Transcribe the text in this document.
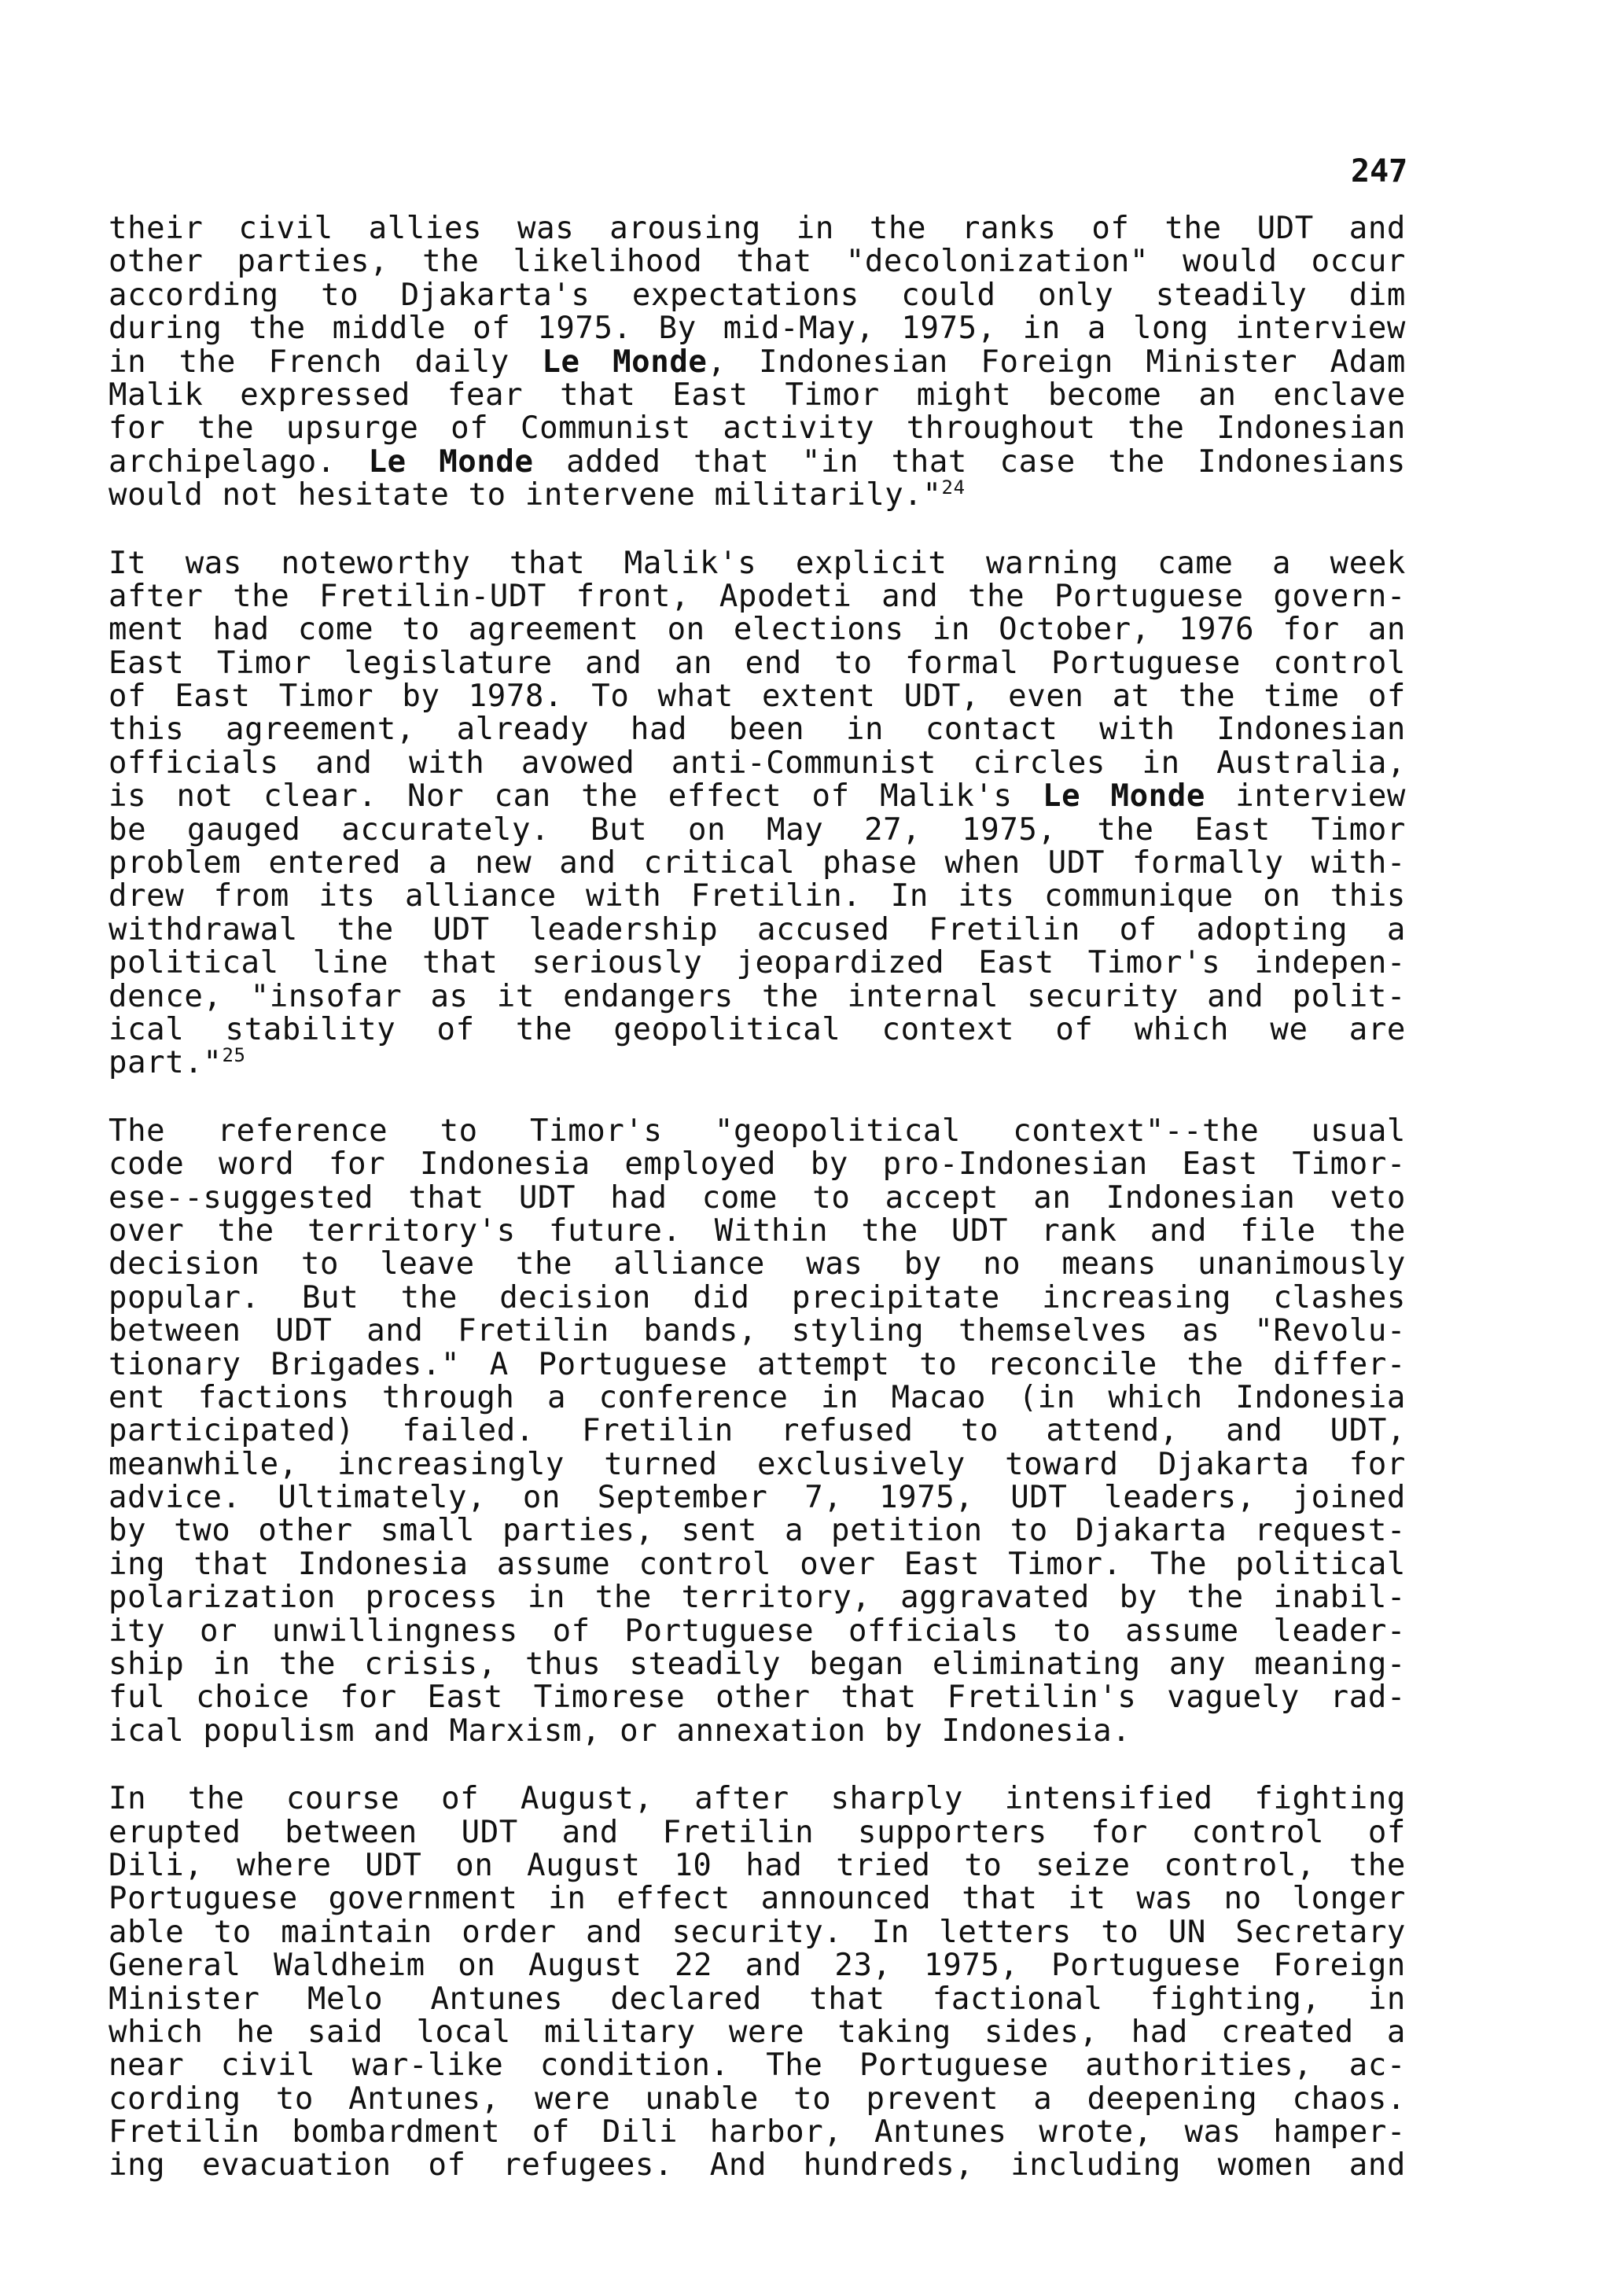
247
their civil allies was arousing in the ranks of the UDT and
other parties, the likelihood that "decolonization" would occur
according to Djakarta's expectations could only steadily dim
during the middle of 1975. By mid-May, 1975, in a long interview
in the French daily Le Monde, Indonesian Foreign Minister Adam
Malik expressed fear that East Timor might become an enclave
for the upsurge of Communist activity throughout the Indonesian
archipelago. Le Monde added that "in that case the Indonesians
would not hesitate to intervene militarily."$^{24}$
It was noteworthy that Malik's explicit warning came a week
after the Fretilin-UDT front, Apodeti and the Portuguese govern-
ment had come to agreement on elections in October, 1976 for an
East Timor legislature and an end to formal Portuguese control
of East Timor by 1978. To what extent UDT, even at the time of
this agreement, already had been in contact with Indonesian
officials and with avowed anti-Communist circles in Australia,
is not clear. Nor can the effect of Malik's Le Monde interview
be gauged accurately. But on May 27, 1975, the East Timor
problem entered a new and critical phase when UDT formally with-
drew from its alliance with Fretilin. In its communique on this
withdrawal the UDT leadership accused Fretilin of adopting a
political line that seriously jeopardized East Timor's indepen-
dence, "insofar as it endangers the internal security and polit-
ical stability of the geopolitical context of which we are
part."$^{25}$
The reference to Timor's "geopolitical context"--the usual
code word for Indonesia employed by pro-Indonesian East Timor-
ese--suggested that UDT had come to accept an Indonesian veto
over the territory's future. Within the UDT rank and file the
decision to leave the alliance was by no means unanimously
popular. But the decision did precipitate increasing clashes
between UDT and Fretilin bands, styling themselves as "Revolu-
tionary Brigades." A Portuguese attempt to reconcile the differ-
ent factions through a conference in Macao (in which Indonesia
participated) failed. Fretilin refused to attend, and UDT,
meanwhile, increasingly turned exclusively toward Djakarta for
advice. Ultimately, on September 7, 1975, UDT leaders, joined
by two other small parties, sent a petition to Djakarta request-
ing that Indonesia assume control over East Timor. The political
polarization process in the territory, aggravated by the inabil-
ity or unwillingness of Portuguese officials to assume leader-
ship in the crisis, thus steadily began eliminating any meaning-
ful choice for East Timorese other that Fretilin's vaguely rad-
ical populism and Marxism, or annexation by Indonesia.
In the course of August, after sharply intensified fighting
erupted between UDT and Fretilin supporters for control of
Dili, where UDT on August 10 had tried to seize control, the
Portuguese government in effect announced that it was no longer
able to maintain order and security. In letters to UN Secretary
General Waldheim on August 22 and 23, 1975, Portuguese Foreign
Minister Melo Antunes declared that factional fighting, in
which he said local military were taking sides, had created a
near civil war-like condition. The Portuguese authorities, ac-
cording to Antunes, were unable to prevent a deepening chaos.
Fretilin bombardment of Dili harbor, Antunes wrote, was hamper-
ing evacuation of refugees. And hundreds, including women and
